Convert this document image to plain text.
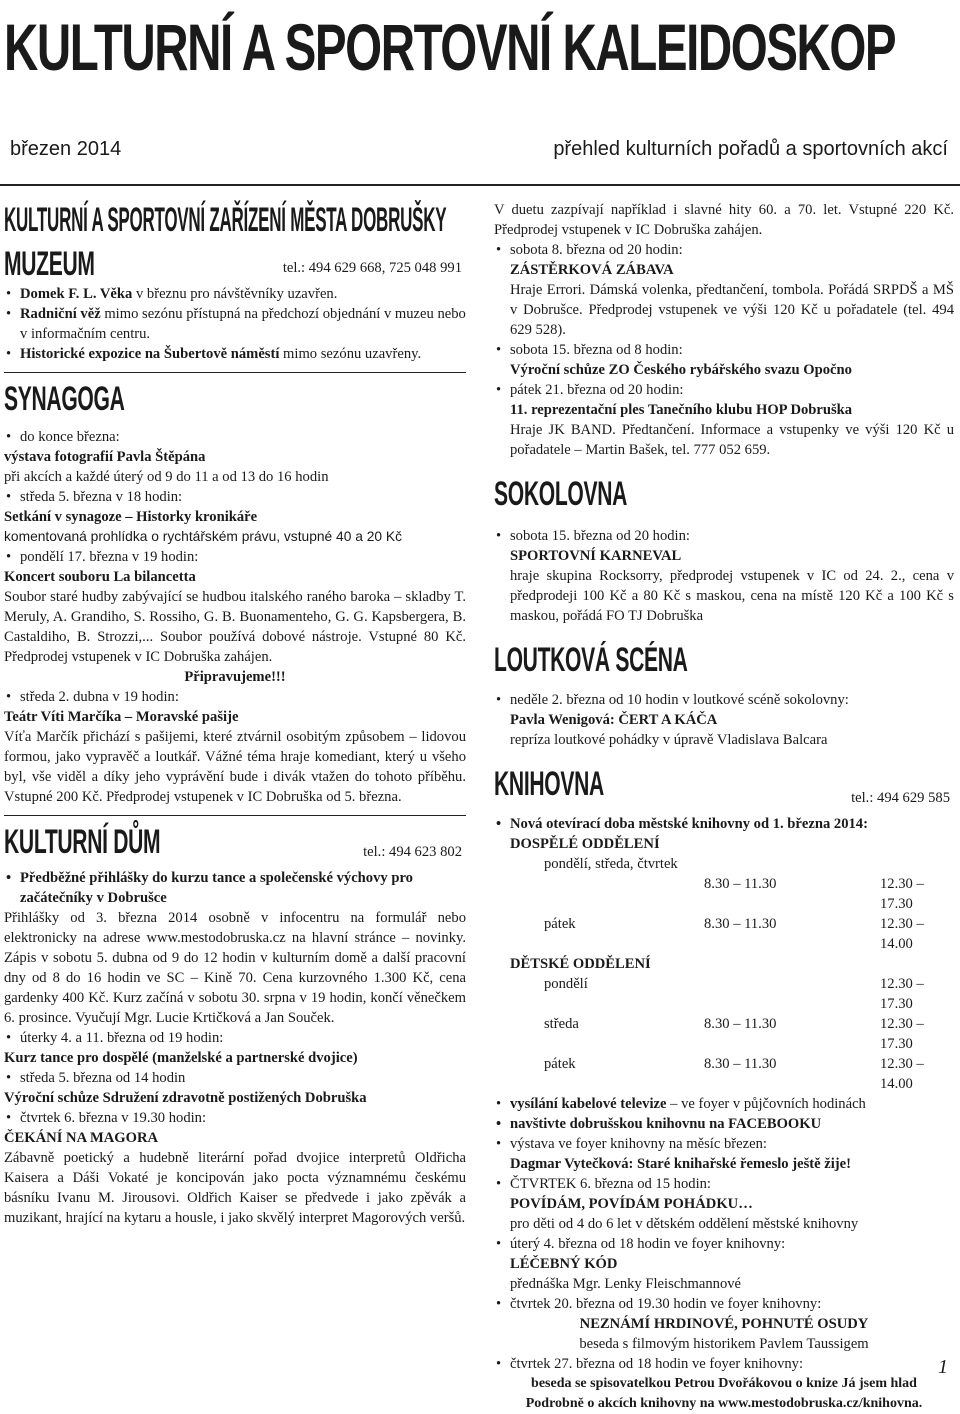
KULTURNÍ A SPORTOVNÍ KALEIDOSKOP
březen 2014	přehled kulturních pořadů a sportovních akcí
KULTURNÍ A SPORTOVNÍ ZAŘÍZENÍ MĚSTA DOBRUŠKY
MUZEUM	tel.: 494 629 668, 725 048 991
• Domek F. L. Věka v březnu pro návštěvníky uzavřen.
• Radniční věž mimo sezónu přístupná na předchozí objednání v muzeu nebo v informačním centru.
• Historické expozice na Šubertově náměstí mimo sezónu uzavřeny.
SYNAGOGA
• do konce března:
výstava fotografií Pavla Štěpána
při akcích a každé úterý od 9 do 11 a od 13 do 16 hodin
• středa 5. března v 18 hodin:
Setkání v synagoze – Historky kronikáře
komentovaná prohlídka o rychtářském právu, vstupné 40 a 20 Kč
• pondělí 17. března v 19 hodin:
Koncert souboru La bilancetta
Soubor staré hudby zabývající se hudbou italského raného baroka – skladby T. Meruly, A. Grandiho, S. Rossiho, G. B. Buonamenteho, G. G. Kapsbergera, B. Castaldiho, B. Strozzi,... Soubor používá dobové nástroje. Vstupné 80 Kč. Předprodej vstupenek v IC Dobruška zahájen.
Připravujeme!!!
• středa 2. dubna v 19 hodin:
Teátr Víti Marčíka – Moravské pašije
Víťa Marčík přichází s pašijemi, které ztvárnil osobitým způsobem – lidovou formou, jako vypravěč a loutkář. Vážné téma hraje komediant, který u všeho byl, vše viděl a díky jeho vyprávění bude i divák vtažen do tohoto příběhu. Vstupné 200 Kč. Předprodej vstupenek v IC Dobruška od 5. března.
KULTURNÍ DŮM	tel.: 494 623 802
• Předběžné přihlášky do kurzu tance a společenské výchovy pro začátečníky v Dobrušce
Přihlášky od 3. března 2014 osobně v infocentru na formulář nebo elektronicky na adrese www.mestodobruska.cz na hlavní stránce – novinky. Zápis v sobotu 5. dubna od 9 do 12 hodin v kulturním domě a další pracovní dny od 8 do 16 hodin ve SC – Kině 70. Cena kurzovného 1.300 Kč, cena gardenky 400 Kč. Kurz začíná v sobotu 30. srpna v 19 hodin, končí věnečkem 6. prosince. Vyučují Mgr. Lucie Krtičková a Jan Souček.
• úterky 4. a 11. března od 19 hodin:
Kurz tance pro dospělé (manželské a partnerské dvojice)
• středa 5. března od 14 hodin
Výroční schůze Sdružení zdravotně postižených Dobruška
• čtvrtek 6. března v 19.30 hodin:
ČEKÁNÍ NA MAGORA
Zábavně poetický a hudebně literární pořad dvojice interpretů Oldřicha Kaisera a Dáši Vokaté je koncipován jako pocta významnému českému básníku Ivanu M. Jirousovi. Oldřich Kaiser se předvede i jako zpěvák a muzikant, hrající na kytaru a housle, i jako skvělý interpret Magorových veršů.
V duetu zazpívají například i slavné hity 60. a 70. let. Vstupné 220 Kč. Předprodej vstupenek v IC Dobruška zahájen.
• sobota 8. března od 20 hodin:
ZÁSTĚRKOVÁ ZÁBAVA
Hraje Errori. Dámská volenka, předtančení, tombola. Pořádá SRPDŠ a MŠ v Dobrušce. Předprodej vstupenek ve výši 120 Kč u pořadatele (tel. 494 629 528).
• sobota 15. března od 8 hodin:
Výroční schůze ZO Českého rybářského svazu Opočno
• pátek 21. března od 20 hodin:
11. reprezentační ples Tanečního klubu HOP Dobruška
Hraje JK BAND. Předtančení. Informace a vstupenky ve výši 120 Kč u pořadatele – Martin Bašek, tel. 777 052 659.
SOKOLOVNA
• sobota 15. března od 20 hodin:
SPORTOVNÍ KARNEVAL
hraje skupina Rocksorry, předprodej vstupenek v IC od 24. 2., cena v předprodeji 100 Kč a 80 Kč s maskou, cena na místě 120 Kč a 100 Kč s maskou, pořádá FO TJ Dobruška
LOUTKOVÁ SCÉNA
• neděle 2. března od 10 hodin v loutkové scéně sokolovny:
Pavla Wenigová: ČERT A KÁČA
repríza loutkové pohádky v úpravě Vladislava Balcara
KNIHOVNA	tel.: 494 629 585
• Nová otevírací doba městské knihovny od 1. března 2014:
DOSPĚLÉ ODDĚLENÍ
pondělí, středa, čtvrtek
	8.30 – 11.30	12.30 – 17.30
pátek	8.30 – 11.30	12.30 – 14.00
DĚTSKÉ ODDĚLENÍ
pondělí		12.30 – 17.30
středa	8.30 – 11.30	12.30 – 17.30
pátek	8.30 – 11.30	12.30 – 14.00
• vysílání kabelové televize – ve foyer v půjčovních hodinách
• navštivte dobrušskou knihovnu na FACEBOOKU
• výstava ve foyer knihovny na měsíc březen:
Dagmar Vytečková: Staré knihařské řemeslo ještě žije!
• ČTVRTEK 6. března od 15 hodin:
POVÍDÁM, POVÍDÁM POHÁDKU…
pro děti od 4 do 6 let v dětském oddělení městské knihovny
• úterý 4. března od 18 hodin ve foyer knihovny:
LÉČEBNÝ KÓD
přednáška Mgr. Lenky Fleischmannové
• čtvrtek 20. března od 19.30 hodin ve foyer knihovny:
NEZNÁMÍ HRDINOVÉ, POHNUTÉ OSUDY
beseda s filmovým historikem Pavlem Taussigem
• čtvrtek 27. března od 18 hodin ve foyer knihovny:
beseda se spisovatelkou Petrou Dvořákovou o knize Já jsem hlad
Podrobně o akcích knihovny na www.mestodobruska.cz/knihovna.
1
